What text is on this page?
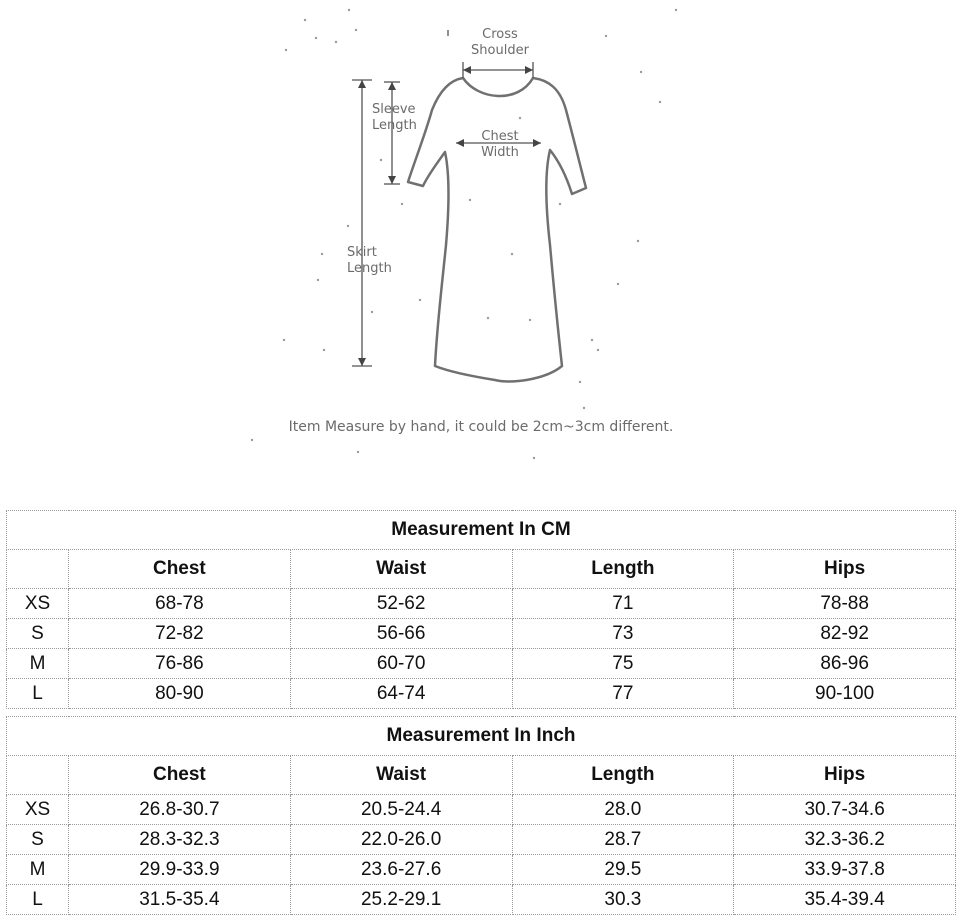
Cross
Shoulder
Sleeve
Length
Chest
Width
Skirt
Length
Item Measure by hand, it could be 2cm~3cm different.
Measurement In CM				
	Chest	Waist	Length	Hips
XS	68-78	52-62	71	78-88
S	72-82	56-66	73	82-92
M	76-86	60-70	75	86-96
L	80-90	64-74	77	90-100
Measurement In Inch				
	Chest	Waist	Length	Hips
XS	26.8-30.7	20.5-24.4	28.0	30.7-34.6
S	28.3-32.3	22.0-26.0	28.7	32.3-36.2
M	29.9-33.9	23.6-27.6	29.5	33.9-37.8
L	31.5-35.4	25.2-29.1	30.3	35.4-39.4
